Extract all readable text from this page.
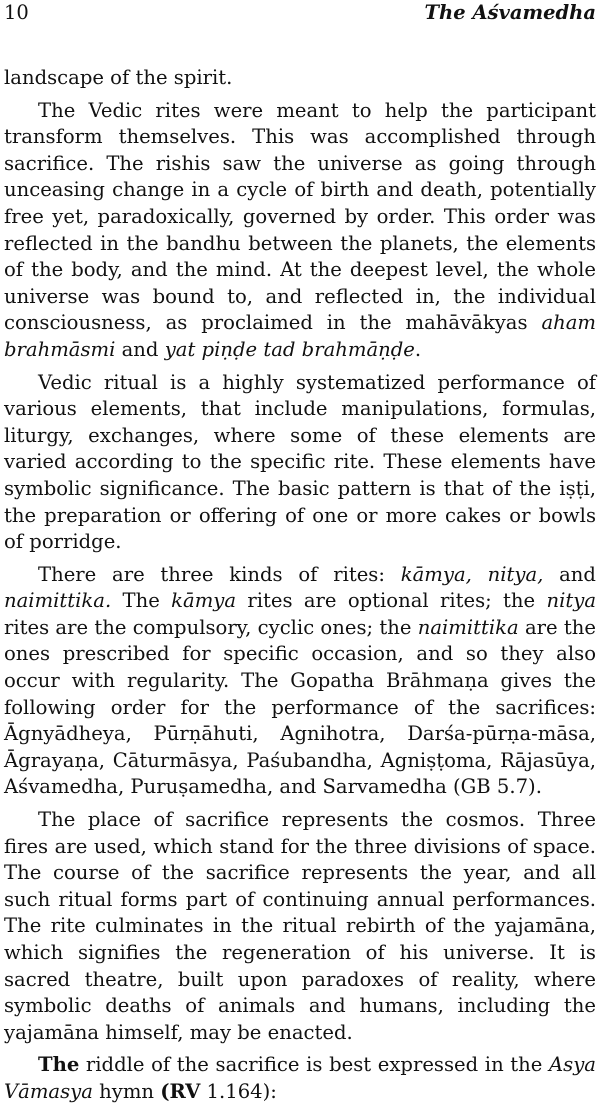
10	The Aśvamedha

landscape of the spirit.

The Vedic rites were meant to help the participant transform themselves. This was accomplished through sacrifice. The rishis saw the universe as going through unceasing change in a cycle of birth and death, potentially free yet, paradoxically, governed by order. This order was reflected in the bandhu between the planets, the elements of the body, and the mind. At the deepest level, the whole universe was bound to, and reflected in, the individual consciousness, as proclaimed in the mahāvākyas aham brahmāsmi and yat piṇḍe tad brahmāṇḍe.

Vedic ritual is a highly systematized performance of various elements, that include manipulations, formulas, liturgy, exchanges, where some of these elements are varied according to the specific rite. These elements have symbolic significance. The basic pattern is that of the iṣṭi, the preparation or offering of one or more cakes or bowls of porridge.

There are three kinds of rites: kāmya, nitya, and naimittika. The kāmya rites are optional rites; the nitya rites are the compulsory, cyclic ones; the naimittika are the ones prescribed for specific occasion, and so they also occur with regularity. The Gopatha Brāhmaṇa gives the following order for the performance of the sacrifices: Āgnyādheya, Pūrṇāhuti, Agnihotra, Darśa-pūrṇa-māsa, Āgrayaṇa, Cāturmāsya, Paśubandha, Agniṣṭoma, Rājasūya, Aśvamedha, Puruṣamedha, and Sarvamedha (GB 5.7).

The place of sacrifice represents the cosmos. Three fires are used, which stand for the three divisions of space. The course of the sacrifice represents the year, and all such ritual forms part of continuing annual performances. The rite culminates in the ritual rebirth of the yajamāna, which signifies the regeneration of his universe. It is sacred theatre, built upon paradoxes of reality, where symbolic deaths of animals and humans, including the yajamāna himself, may be enacted.

The riddle of the sacrifice is best expressed in the Asya Vāmasya hymn (RV 1.164):
